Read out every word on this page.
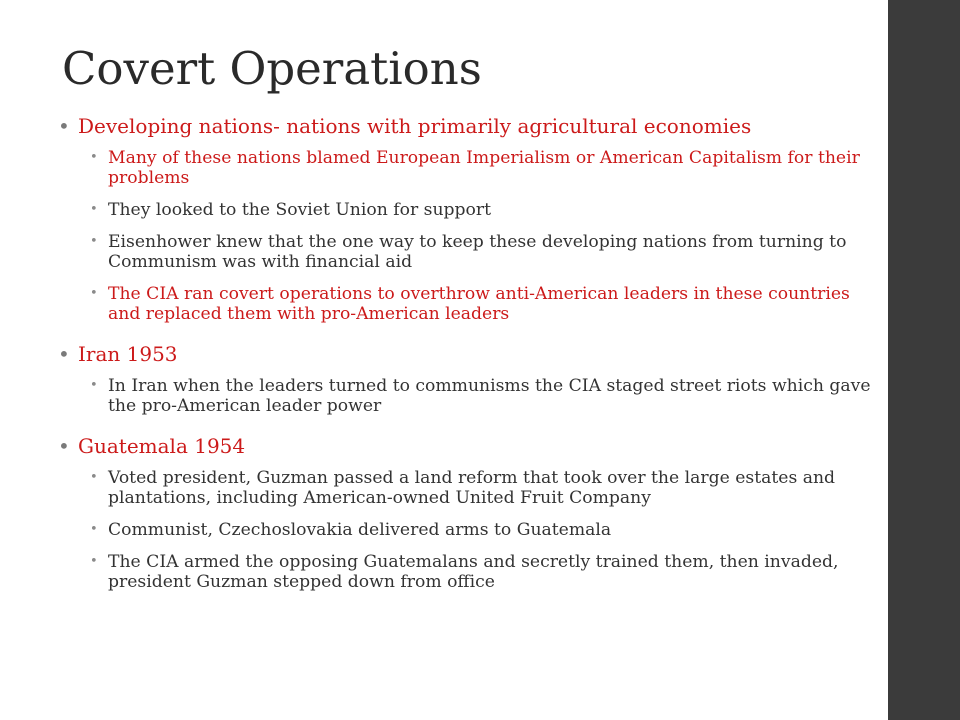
Covert Operations
• Developing nations- nations with primarily agricultural economies
• Many of these nations blamed European Imperialism or American Capitalism for their problems
• They looked to the Soviet Union for support
• Eisenhower knew that the one way to keep these developing nations from turning to Communism was with financial aid
• The CIA ran covert operations to overthrow anti-American leaders in these countries and replaced them with pro-American leaders
• Iran 1953
• In Iran when the leaders turned to communisms the CIA staged street riots which gave the pro-American leader power
• Guatemala 1954
• Voted president, Guzman passed a land reform that took over the large estates and plantations, including American-owned United Fruit Company
• Communist, Czechoslovakia delivered arms to Guatemala
• The CIA armed the opposing Guatemalans and secretly trained them, then invaded, president Guzman stepped down from office
